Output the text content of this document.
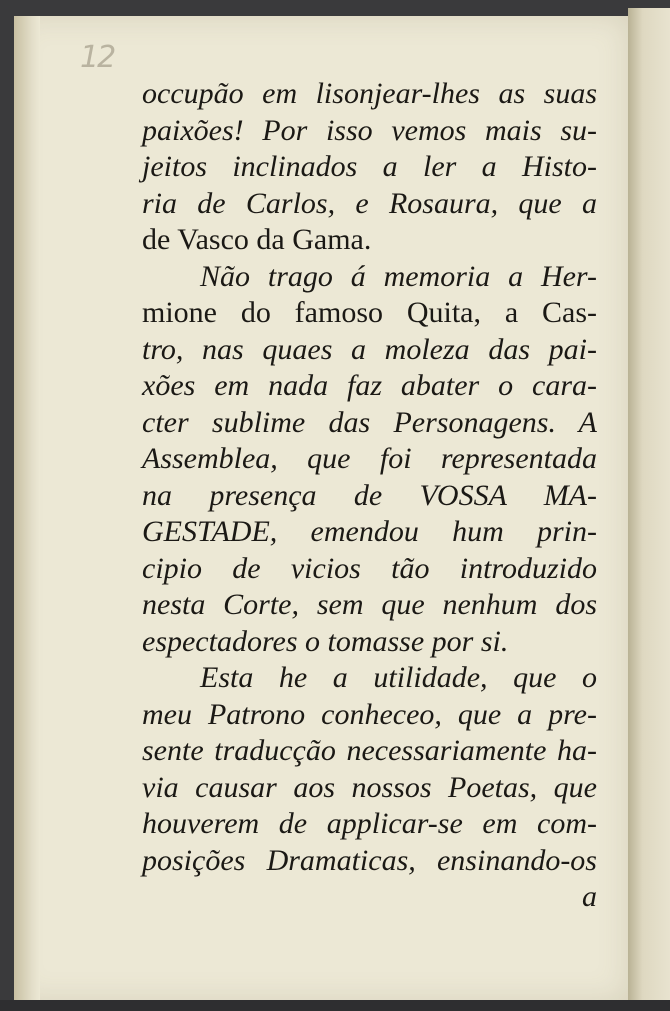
12
occupão em lisonjear-lhes as suas
paixões! Por isso vemos mais su-
jeitos inclinados a ler a Histo-
ria de Carlos, e Rosaura, que a
de Vasco da Gama.
Não trago á memoria a Her-
mione do famoso Quita, a Cas-
tro, nas quaes a moleza das pai-
xões em nada faz abater o cara-
cter sublime das Personagens. A
Assemblea, que foi representada
na presença de VOSSA MA-
GESTADE, emendou hum prin-
cipio de vicios tão introduzido
nesta Corte, sem que nenhum dos
espectadores o tomasse por si.
Esta he a utilidade, que o
meu Patrono conheceo, que a pre-
sente traducção necessariamente ha-
via causar aos nossos Poetas, que
houverem de applicar-se em com-
posições Dramaticas, ensinando-os
a
